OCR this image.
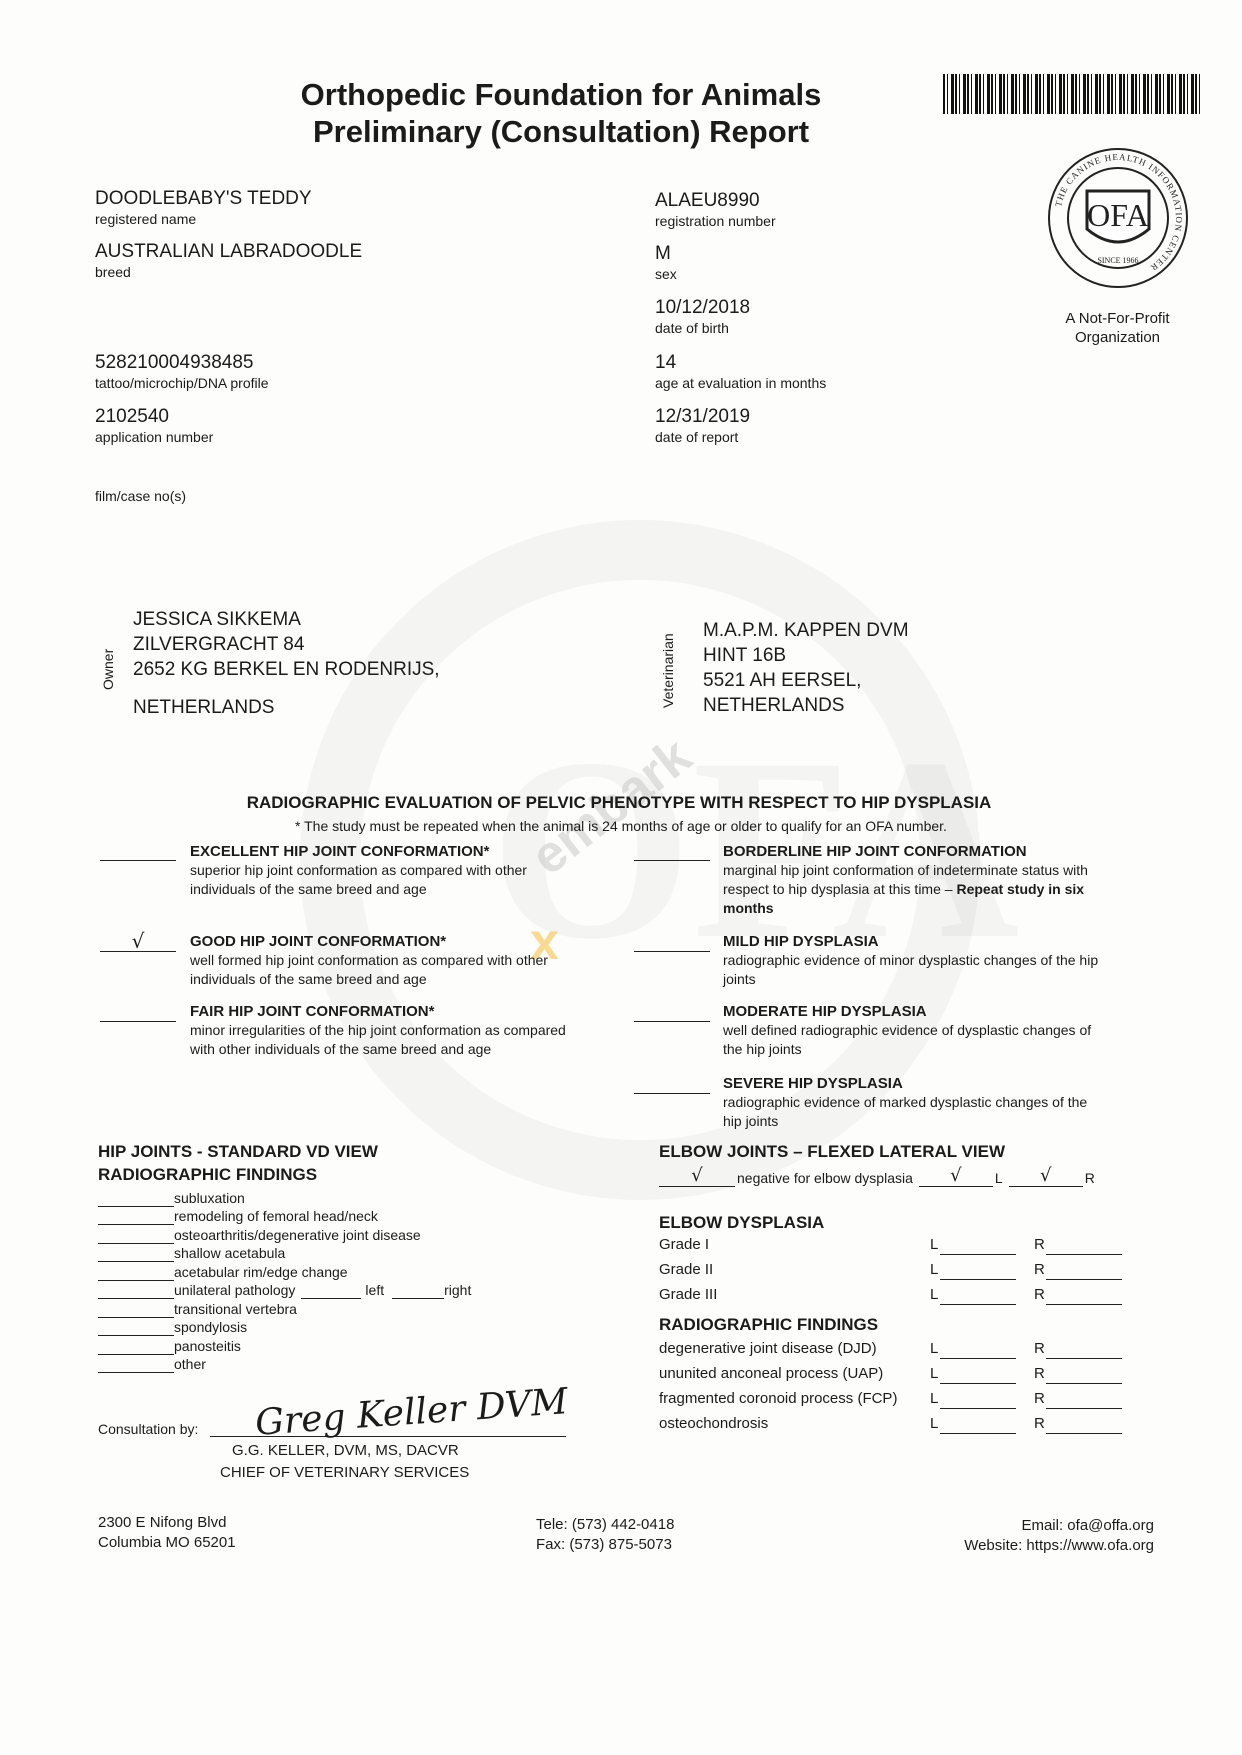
embark
x
Orthopedic Foundation for Animals
Preliminary (Consultation) Report
THE CANINE HEALTH INFORMATION CENTER
OFA
SINCE 1966
A Not-For-Profit
Organization
DOODLEBABY'S TEDDY
registered name
AUSTRALIAN LABRADOODLE
breed
528210004938485
tattoo/microchip/DNA profile
2102540
application number
film/case no(s)
ALAEU8990
registration number
M
sex
10/12/2018
date of birth
14
age at evaluation in months
12/31/2019
date of report
Owner
JESSICA SIKKEMA
ZILVERGRACHT 84
2652 KG BERKEL EN RODENRIJS,
NETHERLANDS	Veterinarian
M.A.P.M. KAPPEN DVM
HINT 16B
5521 AH EERSEL,
NETHERLANDS
RADIOGRAPHIC EVALUATION OF PELVIC PHENOTYPE WITH RESPECT TO HIP DYSPLASIA
* The study must be repeated when the animal is 24 months of age or older to qualify for an OFA number.
EXCELLENT HIP JOINT CONFORMATION*
superior hip joint conformation as compared with other
individuals of the same breed and age
√	GOOD HIP JOINT CONFORMATION*
well formed hip joint conformation as compared with other
individuals of the same breed and age
FAIR HIP JOINT CONFORMATION*
minor irregularities of the hip joint conformation as compared
with other individuals of the same breed and age
BORDERLINE HIP JOINT CONFORMATION
marginal hip joint conformation of indeterminate status with
respect to hip dysplasia at this time – Repeat study in six
months
MILD HIP DYSPLASIA
radiographic evidence of minor dysplastic changes of the hip
joints
MODERATE HIP DYSPLASIA
well defined radiographic evidence of dysplastic changes of
the hip joints
SEVERE HIP DYSPLASIA
radiographic evidence of marked dysplastic changes of the
hip joints
HIP JOINTS - STANDARD VD VIEW
RADIOGRAPHIC FINDINGS
subluxation
remodeling of femoral head/neck
osteoarthritis/degenerative joint disease
shallow acetabula
acetabular rim/edge change
unilateral pathology	left	right
transitional vertebra
spondylosis
panosteitis
other
ELBOW JOINTS – FLEXED LATERAL VIEW
√	negative for elbow dysplasia	√	L	√	R
ELBOW DYSPLASIA
Grade I	L	R
Grade II	L	R
Grade III	L	R
RADIOGRAPHIC FINDINGS
degenerative joint disease (DJD)	L	R
ununited anconeal process (UAP)	L	R
fragmented coronoid process (FCP) L	R
osteochondrosis	L	R
Consultation by: Greg Keller DVM
G.G. KELLER, DVM, MS, DACVR
CHIEF OF VETERINARY SERVICES
2300 E Nifong Blvd
Columbia MO 65201
Tele: (573) 442-0418
Fax: (573) 875-5073
Email: ofa@offa.org
Website: https://www.ofa.org
